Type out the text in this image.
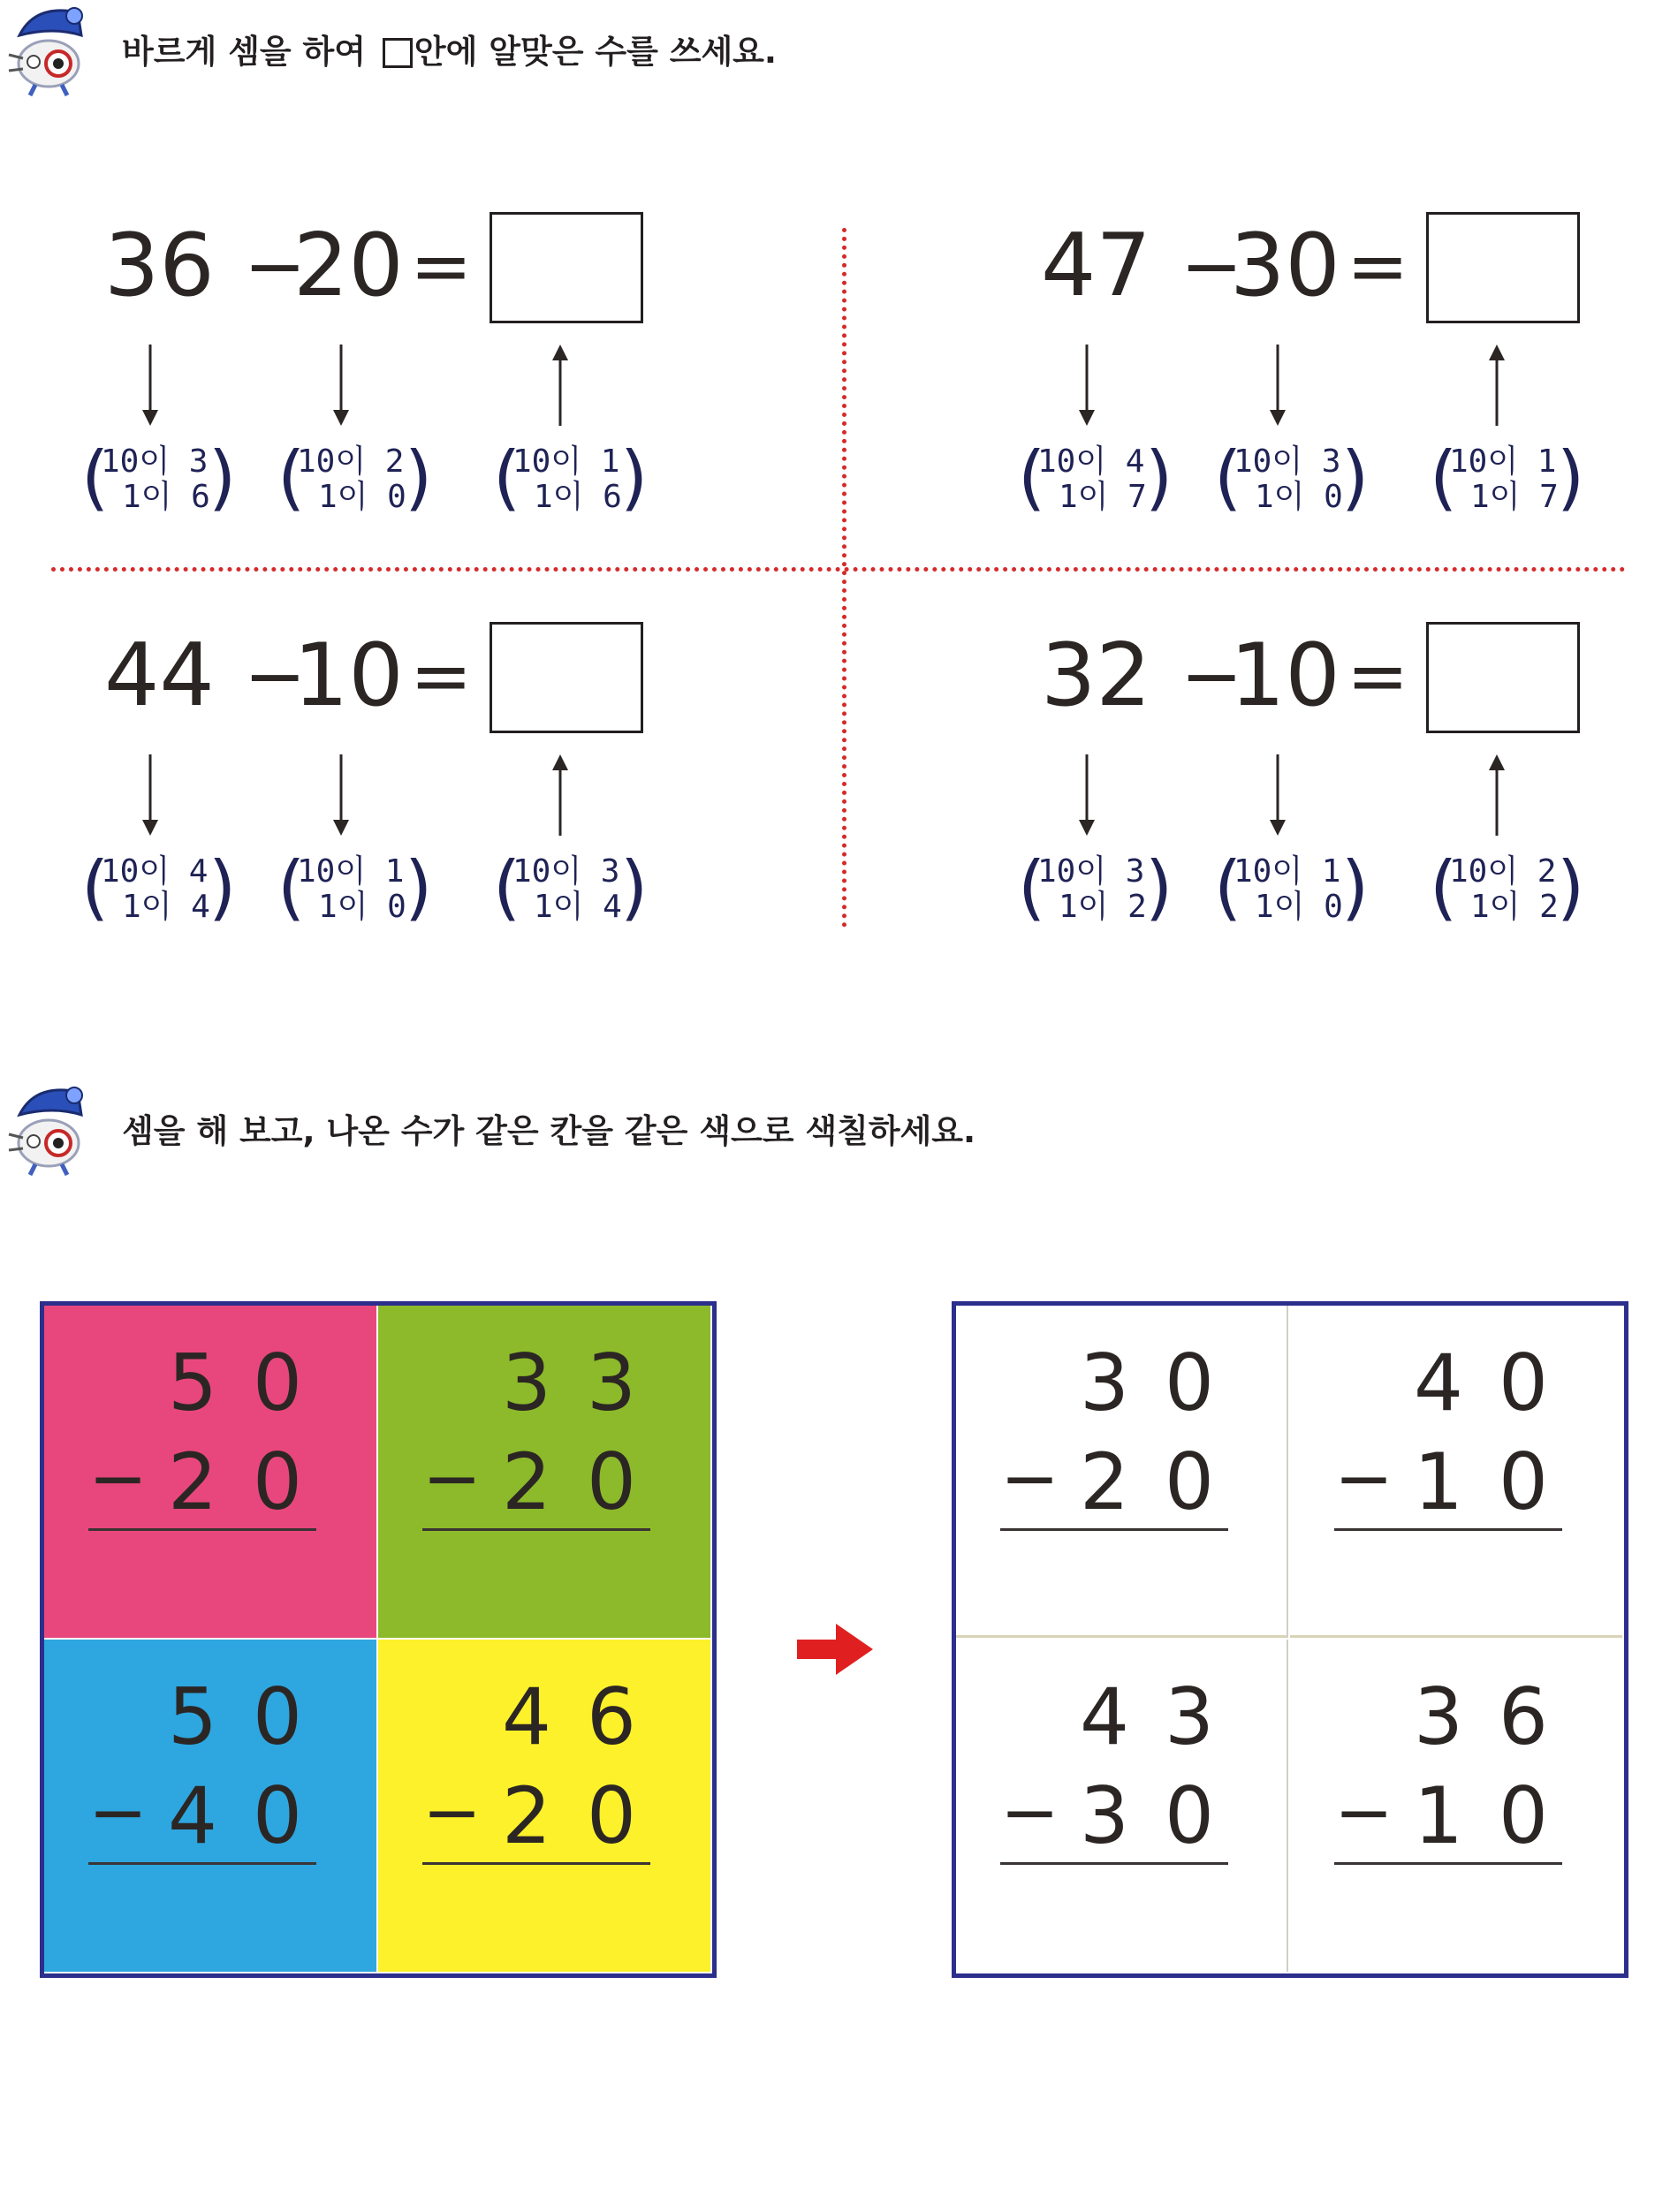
바르게 셈을 하여 안에 알맞은 수를 쓰세요.
36 −
20 =
(
10이 3
1이 6
) (
10이 2
1이 0
) (
10이 1
1이 6
)
47 −
30 =
(
10이 4
1이 7
) (
10이 3
1이 0
) (
10이 1
1이 7
)
44 −
10 =
(
10이 4
1이 4
) (
10이 1
1이 0
) (
10이 3
1이 4
)
32 −
10 =
(
10이 3
1이 2
) (
10이 1
1이 0
) (
10이 2
1이 2
)
셈을 해 보고, 나온 수가 같은 칸을 같은 색으로 색칠하세요.
50
− 20
33
− 20
50
− 40
46
− 20
30
− 20
40
− 10
43
− 30
36
− 10
